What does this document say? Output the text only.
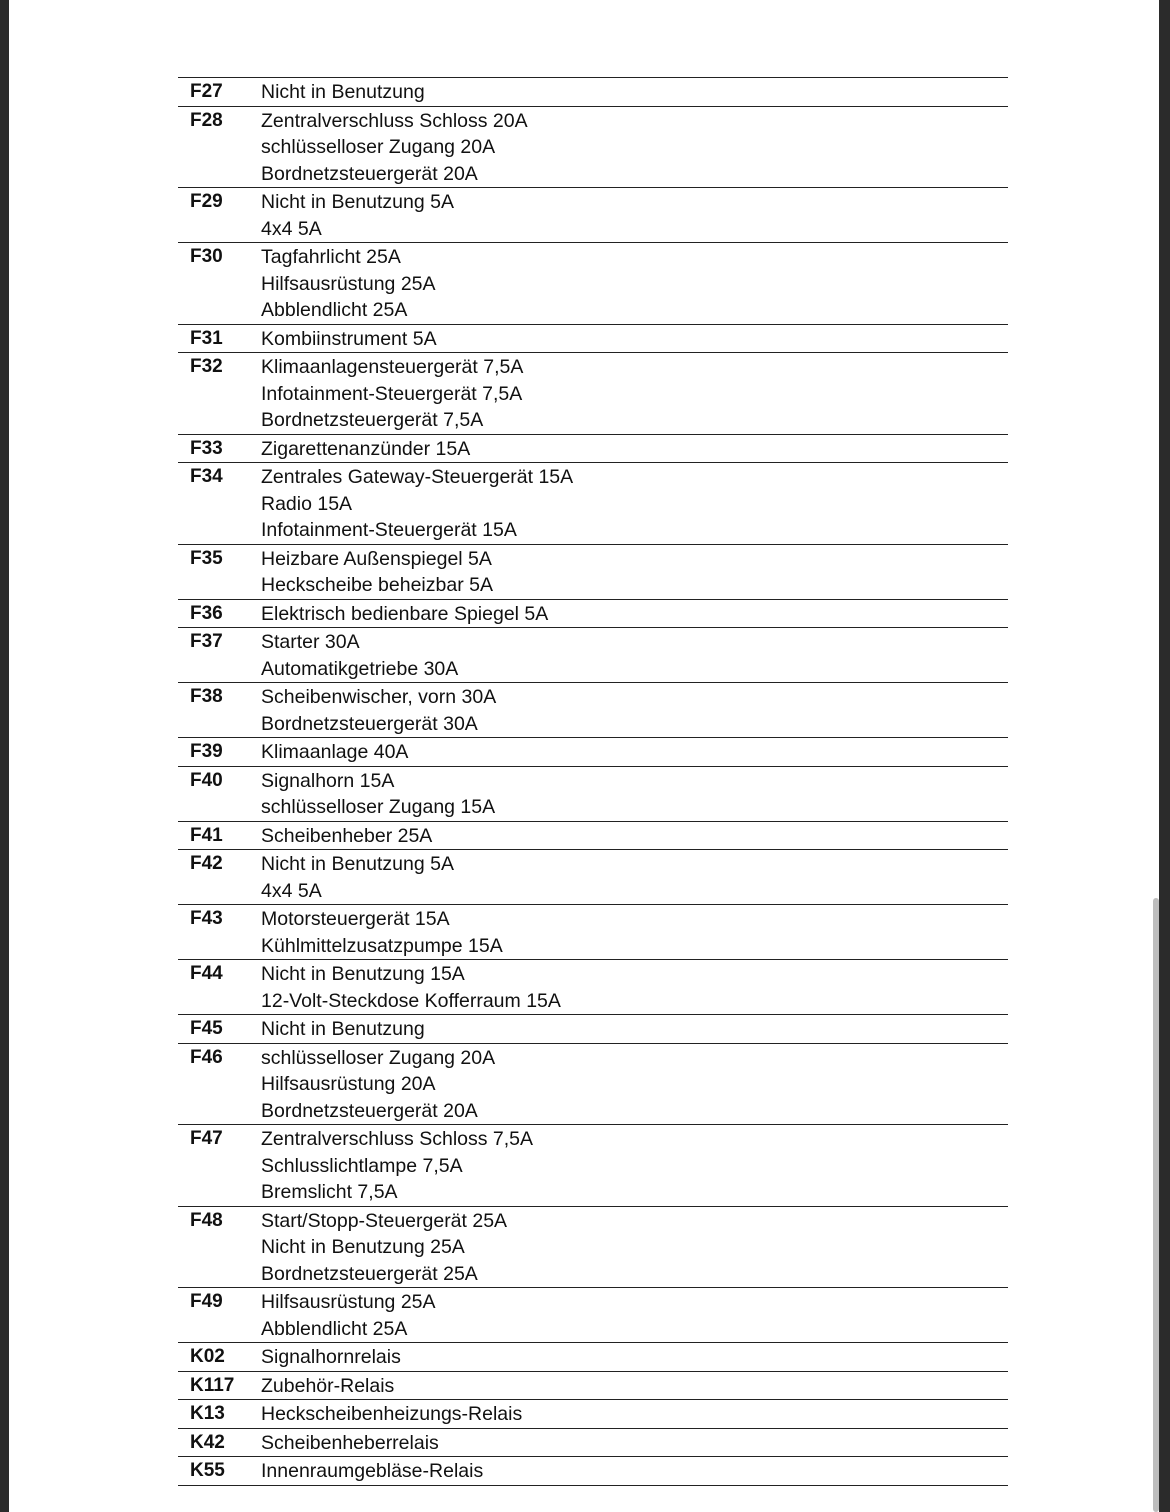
F27 Nicht in Benutzung
F28 Zentralverschluss Schloss 20A
schlüsselloser Zugang 20A
Bordnetzsteuergerät 20A
F29 Nicht in Benutzung 5A
4x4 5A
F30 Tagfahrlicht 25A
Hilfsausrüstung 25A
Abblendlicht 25A
F31 Kombiinstrument 5A
F32 Klimaanlagensteuergerät 7,5A
Infotainment-Steuergerät 7,5A
Bordnetzsteuergerät 7,5A
F33 Zigarettenanzünder 15A
F34 Zentrales Gateway-Steuergerät 15A
Radio 15A
Infotainment-Steuergerät 15A
F35 Heizbare Außenspiegel 5A
Heckscheibe beheizbar 5A
F36 Elektrisch bedienbare Spiegel 5A
F37 Starter 30A
Automatikgetriebe 30A
F38 Scheibenwischer, vorn 30A
Bordnetzsteuergerät 30A
F39 Klimaanlage 40A
F40 Signalhorn 15A
schlüsselloser Zugang 15A
F41 Scheibenheber 25A
F42 Nicht in Benutzung 5A
4x4 5A
F43 Motorsteuergerät 15A
Kühlmittelzusatzpumpe 15A
F44 Nicht in Benutzung 15A
12-Volt-Steckdose Kofferraum 15A
F45 Nicht in Benutzung
F46 schlüsselloser Zugang 20A
Hilfsausrüstung 20A
Bordnetzsteuergerät 20A
F47 Zentralverschluss Schloss 7,5A
Schlusslichtlampe 7,5A
Bremslicht 7,5A
F48 Start/Stopp-Steuergerät 25A
Nicht in Benutzung 25A
Bordnetzsteuergerät 25A
F49 Hilfsausrüstung 25A
Abblendlicht 25A
K02 Signalhornrelais
K117 Zubehör-Relais
K13 Heckscheibenheizungs-Relais
K42 Scheibenheberrelais
K55 Innenraumgebläse-Relais
